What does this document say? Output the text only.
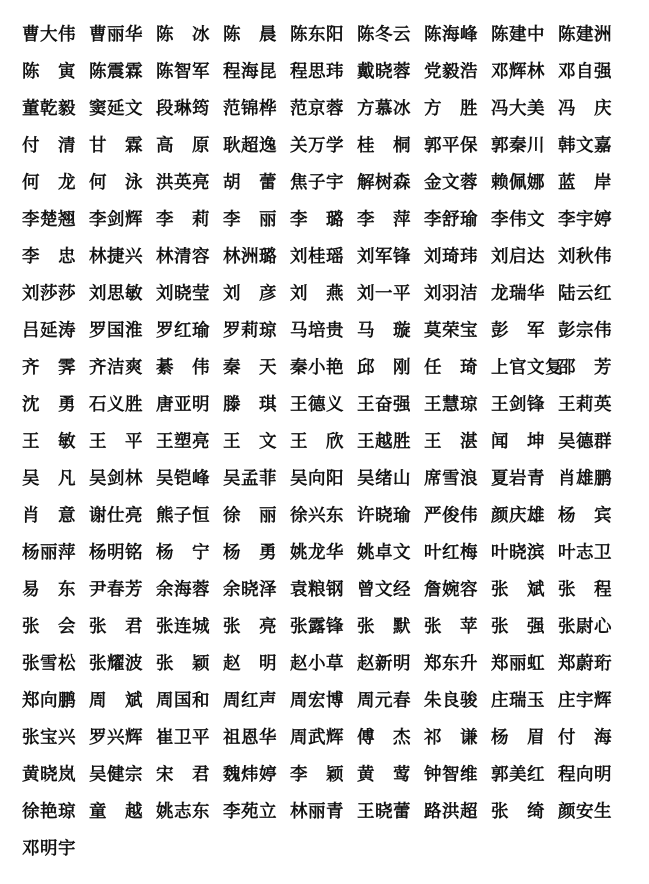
曹大伟 曹丽华 陈　冰 陈　晨 陈东阳 陈冬云 陈海峰 陈建中 陈建洲
陈　寅 陈震霖 陈智军 程海昆 程思玮 戴晓蓉 党毅浩 邓辉林 邓自强
董乾毅 窦延文 段琳筠 范锦桦 范京蓉 方慕冰 方　胜 冯大美 冯　庆
付　清 甘　霖 高　原 耿超逸 关万学 桂　桐 郭平保 郭秦川 韩文嘉
何　龙 何　泳 洪英亮 胡　蕾 焦子宇 解树森 金文蓉 赖佩娜 蓝　岸
李楚翘 李剑辉 李　莉 李　丽 李　璐 李　萍 李舒瑜 李伟文 李宇婷
李　忠 林捷兴 林清容 林洲璐 刘桂瑶 刘军锋 刘琦玮 刘启达 刘秋伟
刘莎莎 刘思敏 刘晓莹 刘　彦 刘　燕 刘一平 刘羽洁 龙瑞华 陆云红
吕延涛 罗国淮 罗红瑜 罗莉琼 马培贵 马　璇 莫荣宝 彭　军 彭宗伟
齐　霁 齐洁爽 綦　伟 秦　天 秦小艳 邱　刚 任　琦 上官文复
邵　芳
沈　勇 石义胜 唐亚明 滕　琪 王德义 王奋强 王慧琼 王剑锋 王莉英
王　敏 王　平 王塑亮 王　文 王　欣 王越胜 王　湛 闻　坤 吴德群
吴　凡 吴剑林 吴铠峰 吴孟菲 吴向阳 吴绪山 席雪浪 夏岩青 肖雄鹏
肖　意 谢仕亮 熊子恒 徐　丽 徐兴东 许晓瑜 严俊伟 颜庆雄 杨　宾
杨丽萍 杨明铭 杨　宁 杨　勇 姚龙华 姚卓文 叶红梅 叶晓滨 叶志卫
易　东 尹春芳 余海蓉 余晓泽 袁粮钢 曾文经 詹婉容 张　斌 张　程
张　会 张　君 张连城 张　亮 张露锋 张　默 张　苹 张　强 张尉心
张雪松 张耀波 张　颖 赵　明 赵小草 赵新明 郑东升 郑丽虹 郑蔚珩
郑向鹏 周　斌 周国和 周红声 周宏博 周元春 朱良骏 庄瑞玉 庄宇辉
张宝兴 罗兴辉 崔卫平 祖恩华 周武辉 傅　杰 祁　谦 杨　眉 付　海
黄晓岚 吴健宗 宋　君 魏炜婷 李　颖 黄　莺 钟智维 郭美红 程向明
徐艳琼 童　越 姚志东 李苑立 林丽青 王晓蕾 路洪超 张　绮 颜安生
邓明宇
